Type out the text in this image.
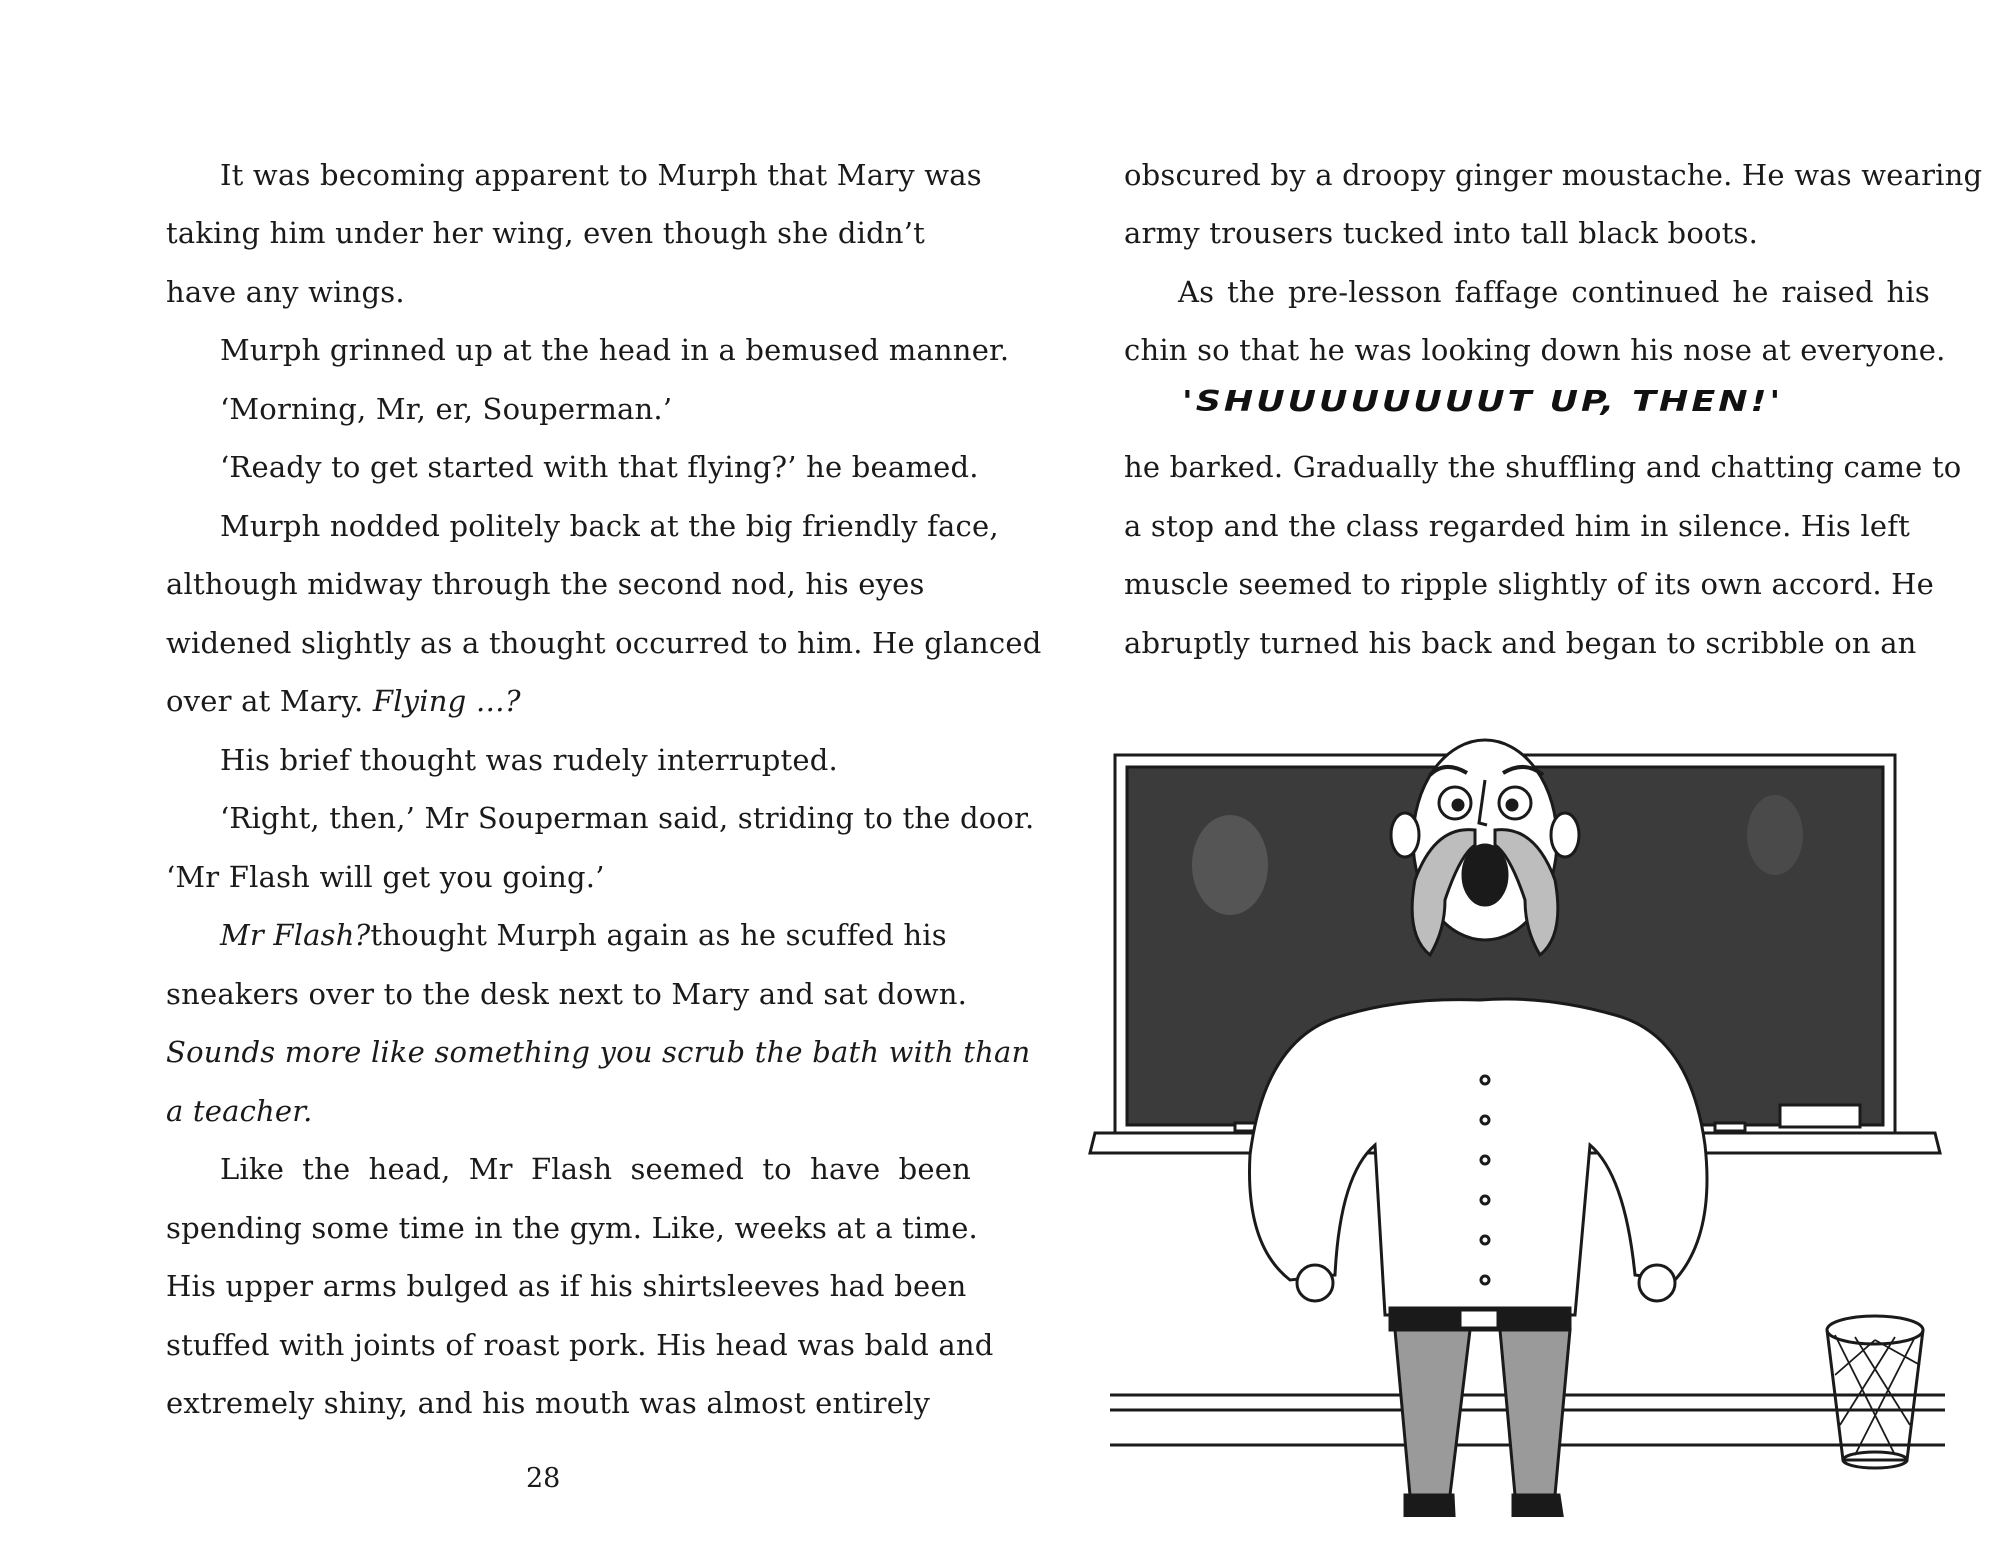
It was becoming apparent to Murph that Mary was

taking him under her wing, even though she didn’t

have any wings.

Murph grinned up at the head in a bemused manner.

‘Morning, Mr, er, Souperman.’

‘Ready to get started with that flying?’ he beamed.

Murph nodded politely back at the big friendly face,

although midway through the second nod, his eyes

widened slightly as a thought occurred to him. He glanced

over at Mary. Flying …?

His brief thought was rudely interrupted.

‘Right, then,’ Mr Souperman said, striding to the door.

‘Mr Flash will get you going.’

Mr Flash? thought Murph again as he scuffed his

sneakers over to the desk next to Mary and sat down.

Sounds more like something you scrub the bath with than

a teacher.

Like the head, Mr Flash seemed to have been

spending some time in the gym. Like, weeks at a time.

His upper arms bulged as if his shirtsleeves had been

stuffed with joints of roast pork. His head was bald and

extremely shiny, and his mouth was almost entirely

28

obscured by a droopy ginger moustache. He was wearing

army trousers tucked into tall black boots.

As the pre-lesson faffage continued he raised his

chin so that he was looking down his nose at everyone.

'SHUUUUUUUUT UP, THEN!'

he barked. Gradually the shuffling and chatting came to

a stop and the class regarded him in silence. His left

muscle seemed to ripple slightly of its own accord. He

abruptly turned his back and began to scribble on an
